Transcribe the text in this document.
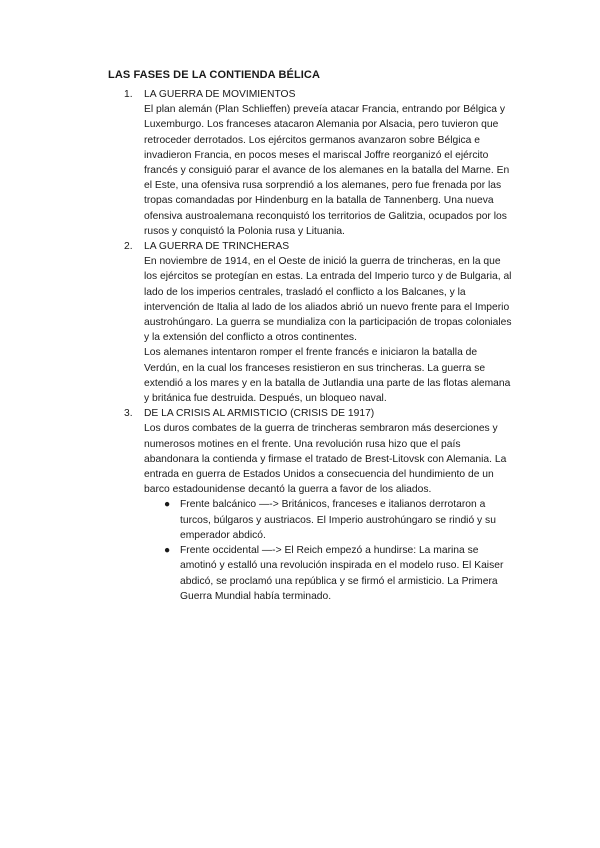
LAS FASES DE LA CONTIENDA BÉLICA
1. LA GUERRA DE MOVIMIENTOS

El plan alemán (Plan Schlieffen) preveía atacar Francia, entrando por Bélgica y Luxemburgo. Los franceses atacaron Alemania por Alsacia, pero tuvieron que retroceder derrotados. Los ejércitos germanos avanzaron sobre Bélgica e invadieron Francia, en pocos meses el mariscal Joffre reorganizó el ejército francés y consiguió parar el avance de los alemanes en la batalla del Marne. En el Este, una ofensiva rusa sorprendió a los alemanes, pero fue frenada por las tropas comandadas por Hindenburg en la batalla de Tannenberg. Una nueva ofensiva austroalemana reconquistó los territorios de Galitzia, ocupados por los rusos y conquistó la Polonia rusa y Lituania.

2. LA GUERRA DE TRINCHERAS

En noviembre de 1914, en el Oeste de inició la guerra de trincheras, en la que los ejércitos se protegían en estas. La entrada del Imperio turco y de Bulgaria, al lado de los imperios centrales, trasladó el conflicto a los Balcanes, y la intervención de Italia al lado de los aliados abrió un nuevo frente para el Imperio austrohúngaro. La guerra se mundializa con la participación de tropas coloniales y la extensión del conflicto a otros continentes.

Los alemanes intentaron romper el frente francés e iniciaron la batalla de Verdún, en la cual los franceses resistieron en sus trincheras. La guerra se extendió a los mares y en la batalla de Jutlandia una parte de las flotas alemana y británica fue destruida. Después, un bloqueo naval.

3. DE LA CRISIS AL ARMISTICIO (CRISIS DE 1917)

Los duros combates de la guerra de trincheras sembraron más deserciones y numerosos motines en el frente. Una revolución rusa hizo que el país abandonara la contienda y firmase el tratado de Brest-Litovsk con Alemania. La entrada en guerra de Estados Unidos a consecuencia del hundimiento de un barco estadounidense decantó la guerra a favor de los aliados.

● Frente balcánico —-> Británicos, franceses e italianos derrotaron a turcos, búlgaros y austriacos. El Imperio austrohúngaro se rindió y su emperador abdicó.
● Frente occidental —-> El Reich empezó a hundirse: La marina se amotinó y estalló una revolución inspirada en el modelo ruso. El Kaiser abdicó, se proclamó una república y se firmó el armisticio. La Primera Guerra Mundial había terminado.
